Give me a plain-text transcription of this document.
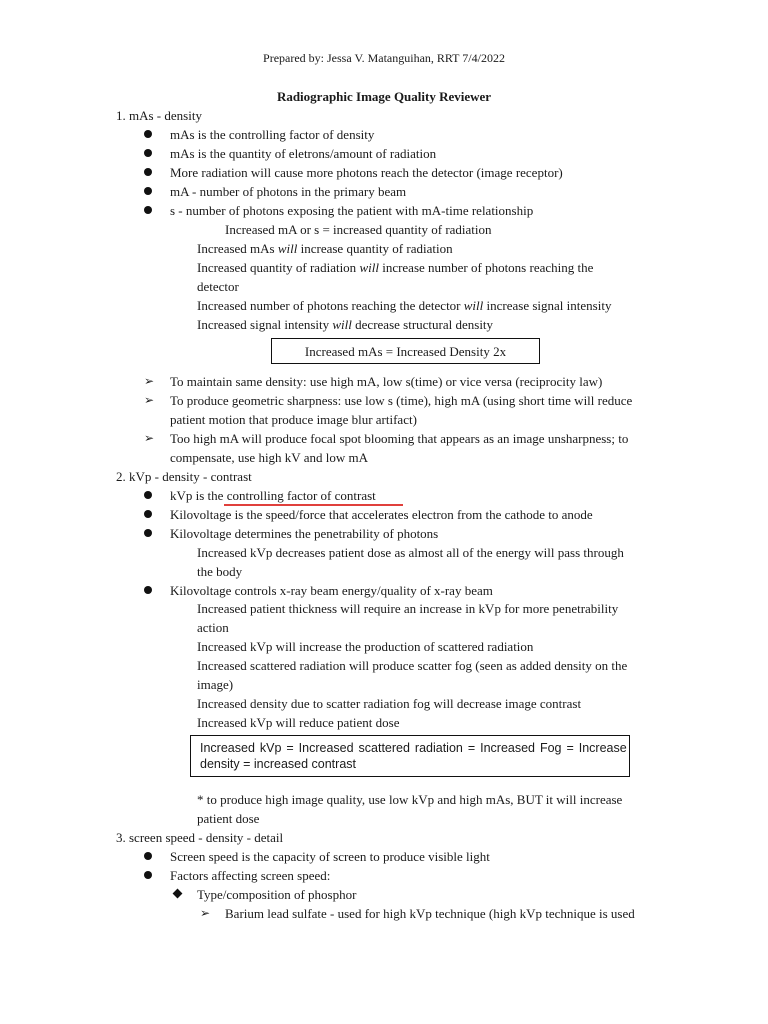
Prepared by: Jessa V. Matanguihan, RRT 7/4/2022
Radiographic Image Quality Reviewer
1. mAs - density
mAs is the controlling factor of density
mAs is the quantity of eletrons/amount of radiation
More radiation will cause more photons reach the detector (image receptor)
mA - number of photons in the primary beam
s - number of photons exposing the patient with mA-time relationship
Increased mA or s = increased quantity of radiation
Increased mAs will increase quantity of radiation
Increased quantity of radiation will increase number of photons reaching the
detector
Increased number of photons reaching the detector will increase signal intensity
Increased signal intensity will decrease structural density
Increased mAs = Increased Density 2x
➢ To maintain same density: use high mA, low s(time) or vice versa (reciprocity law)
➢ To produce geometric sharpness: use low s (time), high mA (using short time will reduce
patient motion that produce image blur artifact)
➢ Too high mA will produce focal spot blooming that appears as an image unsharpness; to
compensate, use high kV and low mA
2. kVp - density - contrast
kVp is the controlling factor of contrast
Kilovoltage is the speed/force that accelerates electron from the cathode to anode
Kilovoltage determines the penetrability of photons
Increased kVp decreases patient dose as almost all of the energy will pass through
the body
Kilovoltage controls x-ray beam energy/quality of x-ray beam
Increased patient thickness will require an increase in kVp for more penetrability
action
Increased kVp will increase the production of scattered radiation
Increased scattered radiation will produce scatter fog (seen as added density on the
image)
Increased density due to scatter radiation fog will decrease image contrast
Increased kVp will reduce patient dose
Increased kVp = Increased scattered radiation = Increased Fog = Increase
density = increased contrast
* to produce high image quality, use low kVp and high mAs, BUT it will increase
patient dose
3. screen speed - density - detail
Screen speed is the capacity of screen to produce visible light
Factors affecting screen speed:
Type/composition of phosphor
➢ Barium lead sulfate - used for high kVp technique (high kVp technique is used
